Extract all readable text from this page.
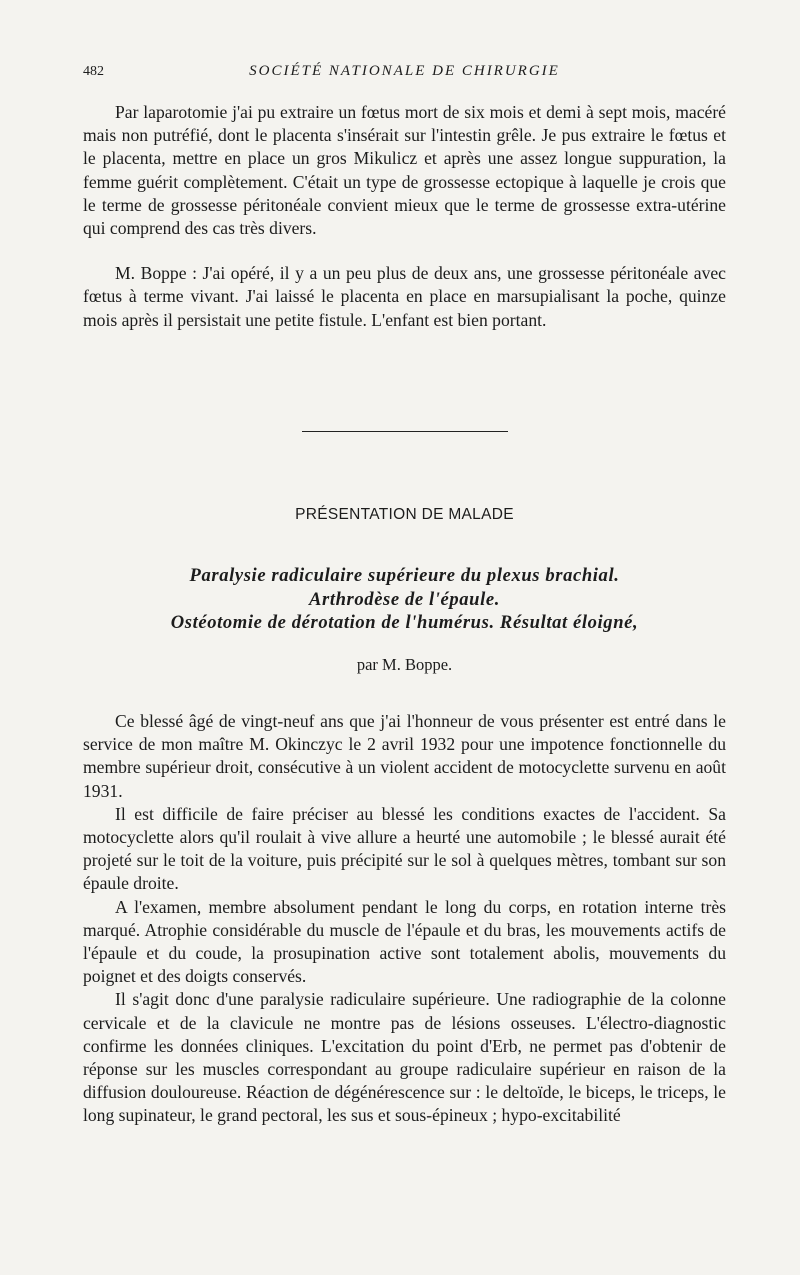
482	SOCIÉTÉ NATIONALE DE CHIRURGIE

Par laparotomie j'ai pu extraire un fœtus mort de six mois et demi à sept mois, macéré mais non putréfié, dont le placenta s'insérait sur l'intestin grêle. Je pus extraire le fœtus et le placenta, mettre en place un gros Mikulicz et après une assez longue suppuration, la femme guérit complètement. C'était un type de grossesse ectopique à laquelle je crois que le terme de grossesse péritonéale convient mieux que le terme de grossesse extra-utérine qui comprend des cas très divers.

M. Boppe : J'ai opéré, il y a un peu plus de deux ans, une grossesse péritonéale avec fœtus à terme vivant. J'ai laissé le placenta en place en marsupialisant la poche, quinze mois après il persistait une petite fistule. L'enfant est bien portant.

PRÉSENTATION DE MALADE
Paralysie radiculaire supérieure du plexus brachial.
Arthrodèse de l'épaule.
Ostéotomie de dérotation de l'humérus. Résultat éloigné,
par M. Boppe.

Ce blessé âgé de vingt-neuf ans que j'ai l'honneur de vous présenter est entré dans le service de mon maître M. Okinczyc le 2 avril 1932 pour une impotence fonctionnelle du membre supérieur droit, consécutive à un violent accident de motocyclette survenu en août 1931.

Il est difficile de faire préciser au blessé les conditions exactes de l'accident. Sa motocyclette alors qu'il roulait à vive allure a heurté une automobile ; le blessé aurait été projeté sur le toit de la voiture, puis précipité sur le sol à quelques mètres, tombant sur son épaule droite.

A l'examen, membre absolument pendant le long du corps, en rotation interne très marqué. Atrophie considérable du muscle de l'épaule et du bras, les mouvements actifs de l'épaule et du coude, la prosupination active sont totalement abolis, mouvements du poignet et des doigts conservés.

Il s'agit donc d'une paralysie radiculaire supérieure. Une radiographie de la colonne cervicale et de la clavicule ne montre pas de lésions osseuses. L'électro-diagnostic confirme les données cliniques. L'excitation du point d'Erb, ne permet pas d'obtenir de réponse sur les muscles correspondant au groupe radiculaire supérieur en raison de la diffusion douloureuse. Réaction de dégénérescence sur : le deltoïde, le biceps, le triceps, le long supinateur, le grand pectoral, les sus et sous-épineux ; hypo-excitabilité
